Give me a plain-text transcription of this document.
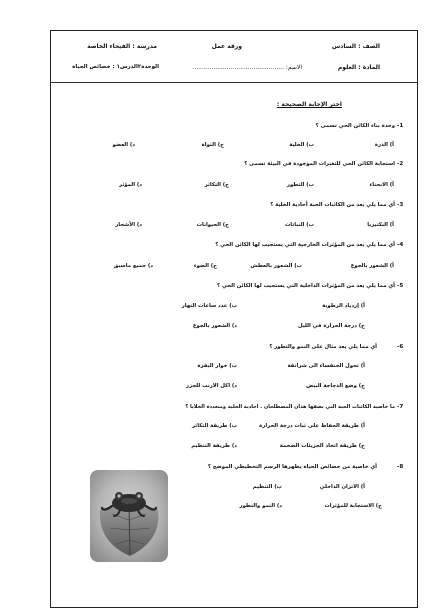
الصف : السادس
ورقة عمل
مدرسة : الفيحاء الخاصة
المادة : العلوم
الاسم: ................................................
الوحدة٢الدرس١ : خصائص الحياة
اختر الإجابة الصحيحة :
-1
وحدة بناء الكائن الحي تسمى ؟
أ) الذرة
ب) الخلية
ج) النواة
د) العضو
-2
استجابة الكائن الحي للتغيرات الموجودة في البيئة تسمى ؟
أ) الانحناء
ب) التطور
ج) التكاثر
د) المؤثر
-3
أي مما يلي يعد من الكائنات الحية أحادية الخلية ؟
أ) البكتيريا
ب) النباتات
ج) الحيوانات
د) الأشجار
-4
أي مما يلي يعد من المؤثرات الخارجية التي يستجيب لها الكائن الحي ؟
أ) الشعور بالجوع
ب) الشعور بالعطش
ج) الضوء
د) جميع ماسبق
-5
أي مما يلي يعد من المؤثرات الداخلية التي يستجيب لها الكائن الحي ؟
أ) إزدياد الرطوبة
ب) عدد ساعات النهار
ج) درجة الحرارة في الليل
د) الشعور بالجوع
-6
أي مما يلي يعد مثال على النمو والتطور ؟
أ) تحول الخنفساء الى شرانقة
ب) خوار البقرة
ج) وضع الدجاجة البيض
د) اكل الارنب للجزر
-7
ما خاصية الكائنات الحية التي يصفها هذان المصطلحان . احادية الخلية ومتعددة الخلايا ؟
أ) طريقة الحفاظ على ثبات درجة الحرارة
ب) طريقة التكاثر
ج) طريقة اتخاذ الجزيئات الضخمة
د) طريقة التنظيم
-8
أي خاصية من خصائص الحياة يظهرها الرسم التخطيطي الموضح ؟
أ) الاتزان الداخلي
ب) التنظيم
ج) الاستجابة للمؤثرات
د) النمو والتطور
